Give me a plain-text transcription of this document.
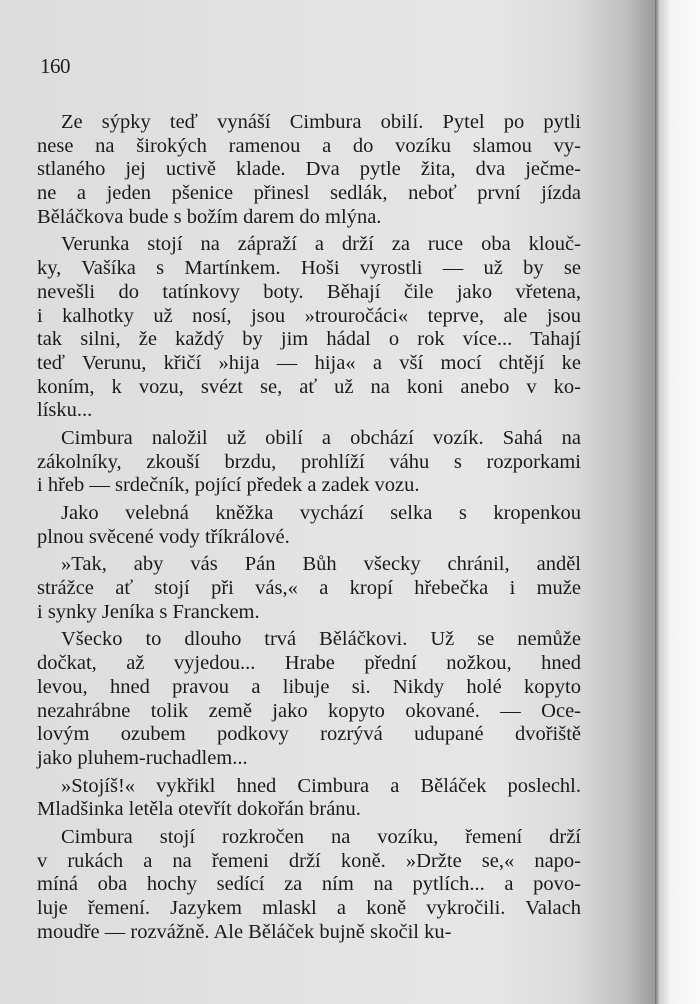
160
Ze sýpky teď vynáší Cimbura obilí. Pytel po pytli
nese na širokých ramenou a do vozíku slamou vy-
stlaného jej uctivě klade. Dva pytle žita, dva ječme-
ne a jeden pšenice přinesl sedlák, neboť první jízda
Běláčkova bude s božím darem do mlýna.
Verunka stojí na zápraží a drží za ruce oba klouč-
ky, Vašíka s Martínkem. Hoši vyrostli — už by se
nevešli do tatínkovy boty. Běhají čile jako vřetena,
i kalhotky už nosí, jsou »trouročáci« teprve, ale jsou
tak silni, že každý by jim hádal o rok více... Tahají
teď Verunu, křičí »hija — hija« a vší mocí chtějí ke
koním, k vozu, svézt se, ať už na koni anebo v ko-
lísku...
Cimbura naložil už obilí a obchází vozík. Sahá na
zákolníky, zkouší brzdu, prohlíží váhu s rozporkami
i hřeb — srdečník, pojící předek a zadek vozu.
Jako velebná kněžka vychází selka s kropenkou
plnou svěcené vody tříkrálové.
»Tak, aby vás Pán Bůh všecky chránil, anděl
strážce ať stojí při vás,« a kropí hřebečka i muže
i synky Jeníka s Franckem.
Všecko to dlouho trvá Běláčkovi. Už se nemůže
dočkat, až vyjedou... Hrabe přední nožkou, hned
levou, hned pravou a libuje si. Nikdy holé kopyto
nezahrábne tolik země jako kopyto okované. — Oce-
lovým ozubem podkovy rozrývá udupané dvořiště
jako pluhem-ruchadlem...
»Stojíš!« vykřikl hned Cimbura a Běláček poslechl.
Mladšinka letěla otevřít dokořán bránu.
Cimbura stojí rozkročen na vozíku, řemení drží
v rukách a na řemeni drží koně. »Držte se,« napo-
míná oba hochy sedící za ním na pytlích... a povo-
luje řemení. Jazykem mlaskl a koně vykročili. Valach
moudře — rozvážně. Ale Běláček bujně skočil ku-
